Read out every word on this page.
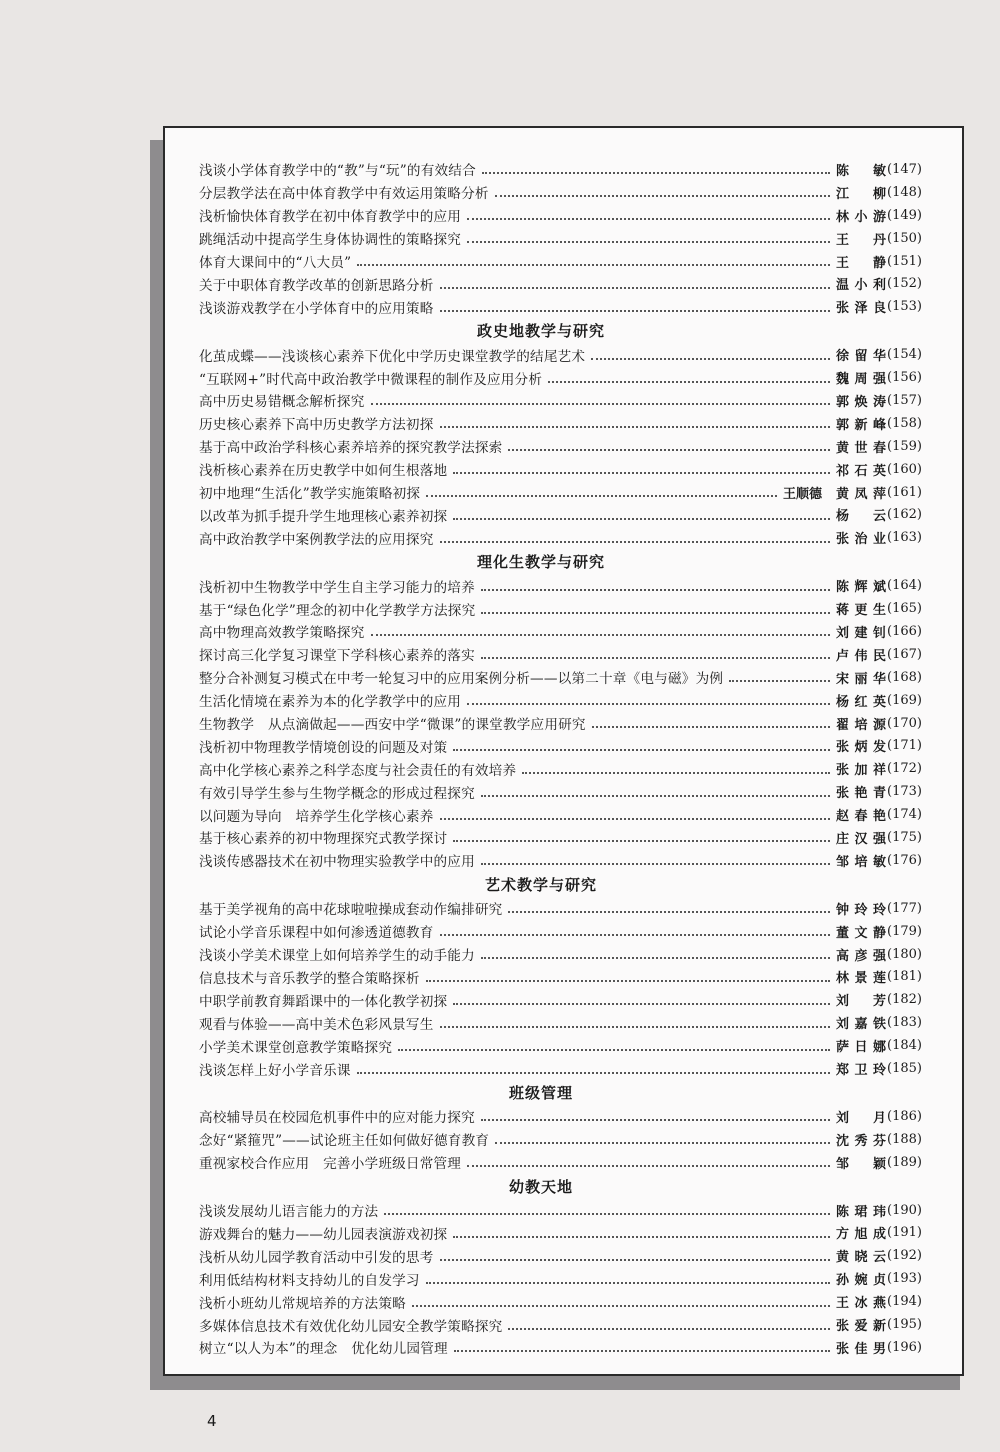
浅谈小学体育教学中的“教”与“玩”的有效结合	陈　敏 (147)
分层教学法在高中体育教学中有效运用策略分析	江　柳 (148)
浅析愉快体育教学在初中体育教学中的应用	林小游 (149)
跳绳活动中提高学生身体协调性的策略探究	王　丹 (150)
体育大课间中的“八大员”	王　静 (151)
关于中职体育教学改革的创新思路分析	温小利 (152)
浅谈游戏教学在小学体育中的应用策略	张泽良 (153)
政史地教学与研究
化茧成蝶——浅谈核心素养下优化中学历史课堂教学的结尾艺术	徐留华 (154)
“互联网+”时代高中政治教学中微课程的制作及应用分析	魏周强 (156)
高中历史易错概念解析探究	郭焕涛 (157)
历史核心素养下高中历史教学方法初探	郭新峰 (158)
基于高中政治学科核心素养培养的探究教学法探索	黄世春 (159)
浅析核心素养在历史教学中如何生根落地	祁石英 (160)
初中地理“生活化”教学实施策略初探	王顺德 黄凤萍 (161)
以改革为抓手提升学生地理核心素养初探	杨　云 (162)
高中政治教学中案例教学法的应用探究	张治业 (163)
理化生教学与研究
浅析初中生物教学中学生自主学习能力的培养	陈辉斌 (164)
基于“绿色化学”理念的初中化学教学方法探究	蒋更生 (165)
高中物理高效教学策略探究	刘建钊 (166)
探讨高三化学复习课堂下学科核心素养的落实	卢伟民 (167)
整分合补测复习模式在中考一轮复习中的应用案例分析——以第二十章《电与磁》为例	宋丽华 (168)
生活化情境在素养为本的化学教学中的应用	杨红英 (169)
生物教学　从点滴做起——西安中学“微课”的课堂教学应用研究	翟培源 (170)
浅析初中物理教学情境创设的问题及对策	张炳发 (171)
高中化学核心素养之科学态度与社会责任的有效培养	张加祥 (172)
有效引导学生参与生物学概念的形成过程探究	张艳青 (173)
以问题为导向　培养学生化学核心素养	赵春艳 (174)
基于核心素养的初中物理探究式教学探讨	庄汉强 (175)
浅谈传感器技术在初中物理实验教学中的应用	邹培敏 (176)
艺术教学与研究
基于美学视角的高中花球啦啦操成套动作编排研究	钟玲玲 (177)
试论小学音乐课程中如何渗透道德教育	董文静 (179)
浅谈小学美术课堂上如何培养学生的动手能力	高彦强 (180)
信息技术与音乐教学的整合策略探析	林景莲 (181)
中职学前教育舞蹈课中的一体化教学初探	刘　芳 (182)
观看与体验——高中美术色彩风景写生	刘嘉铁 (183)
小学美术课堂创意教学策略探究	萨日娜 (184)
浅谈怎样上好小学音乐课	郑卫玲 (185)
班级管理
高校辅导员在校园危机事件中的应对能力探究	刘　月 (186)
念好“紧箍咒”——试论班主任如何做好德育教育	沈秀芬 (188)
重视家校合作应用　完善小学班级日常管理	邹　颖 (189)
幼教天地
浅谈发展幼儿语言能力的方法	陈珺玮 (190)
游戏舞台的魅力——幼儿园表演游戏初探	方旭成 (191)
浅析从幼儿园学教育活动中引发的思考	黄晓云 (192)
利用低结构材料支持幼儿的自发学习	孙婉贞 (193)
浅析小班幼儿常规培养的方法策略	王冰燕 (194)
多媒体信息技术有效优化幼儿园安全教学策略探究	张爱新 (195)
树立“以人为本”的理念　优化幼儿园管理	张佳男 (196)
4
